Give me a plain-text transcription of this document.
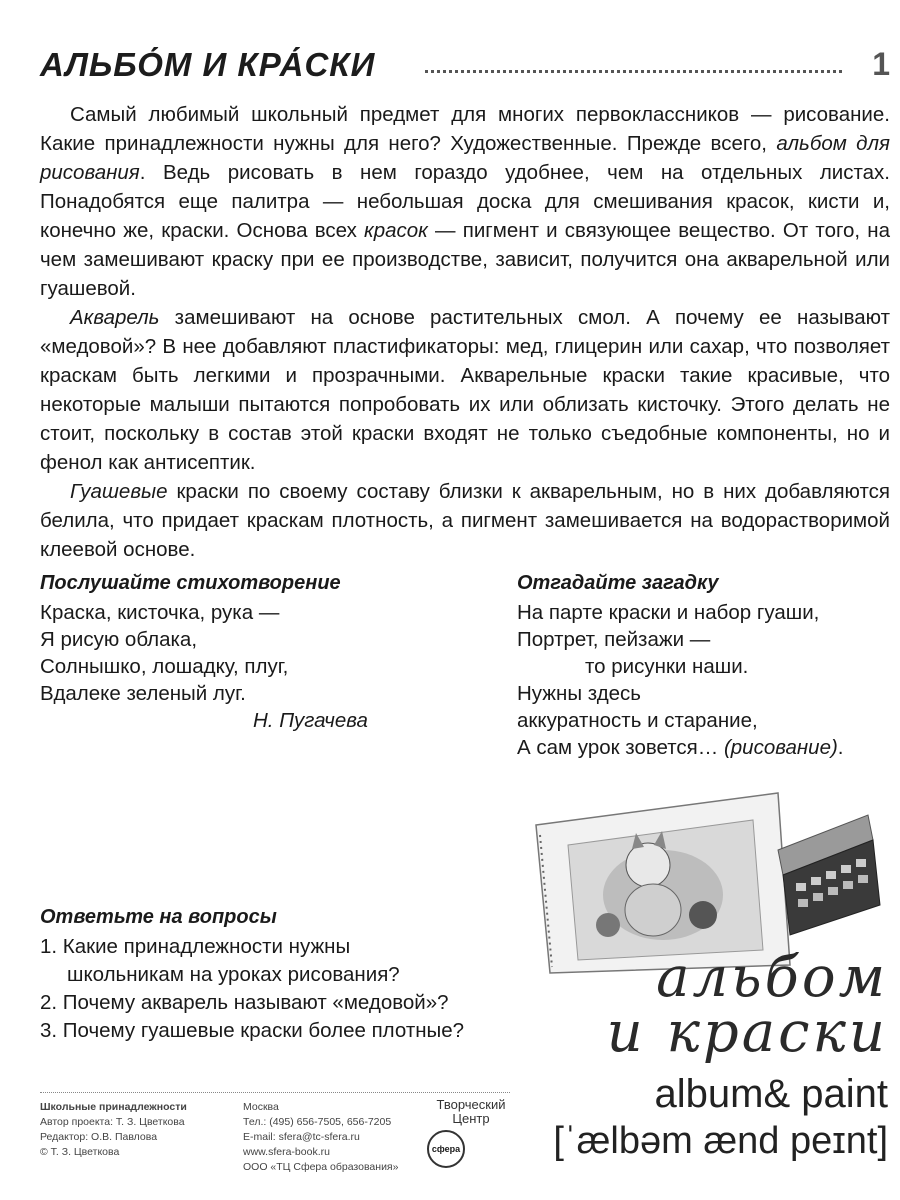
АЛЬБО́М И КРА́СКИ	1

Самый любимый школьный предмет для многих первоклассников — рисование. Какие принадлежности нужны для него? Художественные. Прежде всего, альбом для рисования. Ведь рисовать в нем гораздо удобнее, чем на отдельных листах. Понадобятся еще палитра — небольшая доска для смешивания красок, кисти и, конечно же, краски. Основа всех красок — пигмент и связующее вещество. От того, на чем замешивают краску при ее производстве, зависит, получится она акварельной или гуашевой.

Акварель замешивают на основе растительных смол. А почему ее называют «медовой»? В нее добавляют пластификаторы: мед, глицерин или сахар, что позволяет краскам быть легкими и прозрачными. Акварельные краски такие красивые, что некоторые малыши пытаются попробовать их или облизать кисточку. Этого делать не стоит, поскольку в состав этой краски входят не только съедобные компоненты, но и фенол как антисептик.

Гуашевые краски по своему составу близки к акварельным, но в них добавляются белила, что придает краскам плотность, а пигмент замешивается на водорастворимой клеевой основе.

Послушайте стихотворение
Краска, кисточка, рука —
Я рисую облака,
Солнышко, лошадку, плуг,
Вдалеке зеленый луг.
Н. Пугачева
Отгадайте загадку
На парте краски и набор гуаши,
Портрет, пейзажи —
то рисунки наши.
Нужны здесь
аккуратность и старание,
А сам урок зовется… (рисование).
Ответьте на вопросы
1. Какие принадлежности нужны
школьникам на уроках рисования?
2. Почему акварель называют «медовой»?
3. Почему гуашевые краски более плотные?
альбом
и краски
album& paint
[ˈælbəm ænd peɪnt]
Школьные принадлежности
Автор проекта: Т. З. Цветкова
Редактор: О.В. Павлова
© Т. З. Цветкова
Москва
Тел.: (495) 656-7505, 656-7205
E-mail: sfera@tc-sfera.ru
www.sfera-book.ru
ООО «ТЦ Сфера образования»
Творческий
Центр
сфера
